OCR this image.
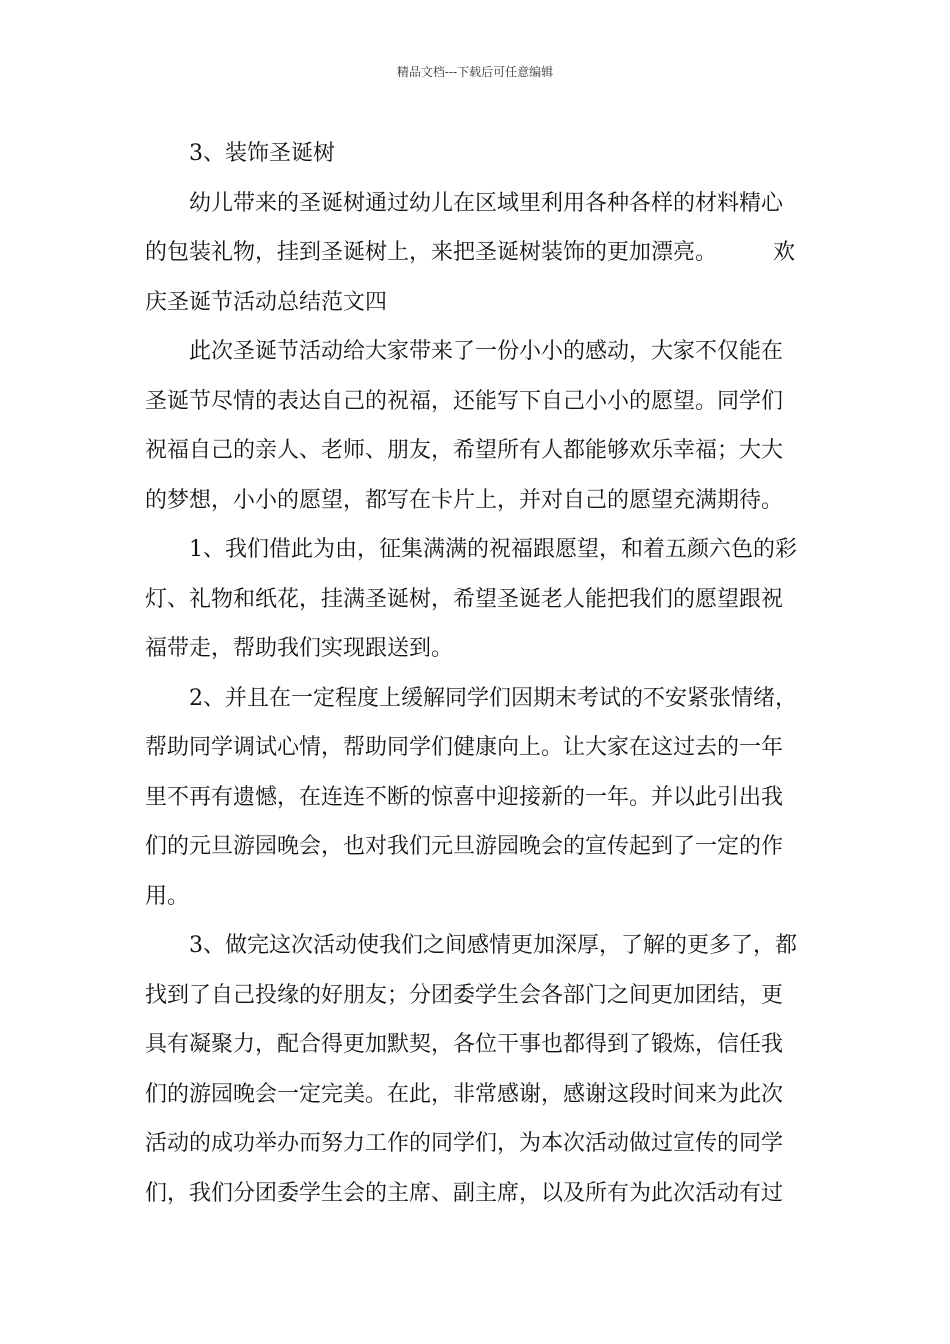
精品文档---下载后可任意编辑
3、装饰圣诞树
幼儿带来的圣诞树通过幼儿在区域里利用各种各样的材料精心
的包装礼物，挂到圣诞树上，来把圣诞树装饰的更加漂亮。        欢
庆圣诞节活动总结范文四
此次圣诞节活动给大家带来了一份小小的感动，大家不仅能在
圣诞节尽情的表达自己的祝福，还能写下自己小小的愿望。同学们
祝福自己的亲人、老师、朋友，希望所有人都能够欢乐幸福；大大
的梦想，小小的愿望，都写在卡片上，并对自己的愿望充满期待。
1、我们借此为由，征集满满的祝福跟愿望，和着五颜六色的彩
灯、礼物和纸花，挂满圣诞树，希望圣诞老人能把我们的愿望跟祝
福带走，帮助我们实现跟送到。
2、并且在一定程度上缓解同学们因期末考试的不安紧张情绪，
帮助同学调试心情，帮助同学们健康向上。让大家在这过去的一年
里不再有遗憾，在连连不断的惊喜中迎接新的一年。并以此引出我
们的元旦游园晚会，也对我们元旦游园晚会的宣传起到了一定的作
用。
3、做完这次活动使我们之间感情更加深厚，了解的更多了，都
找到了自己投缘的好朋友；分团委学生会各部门之间更加团结，更
具有凝聚力，配合得更加默契，各位干事也都得到了锻炼，信任我
们的游园晚会一定完美。在此，非常感谢，感谢这段时间来为此次
活动的成功举办而努力工作的同学们，为本次活动做过宣传的同学
们，我们分团委学生会的主席、副主席，以及所有为此次活动有过
